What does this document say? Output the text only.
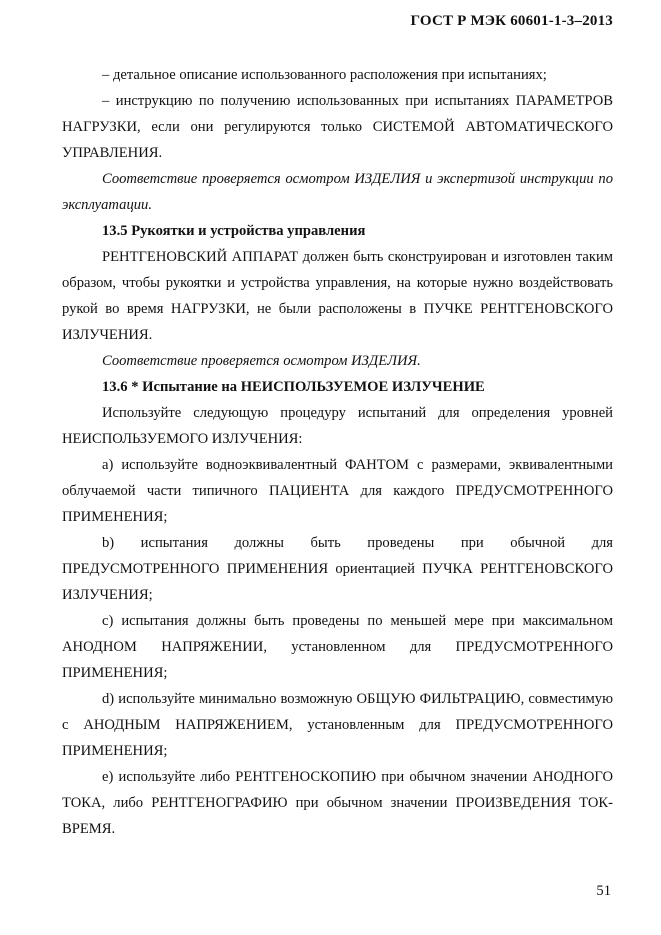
ГОСТ Р МЭК 60601-1-3–2013

– детальное описание использованного расположения при испытаниях;

– инструкцию по получению использованных при испытаниях ПАРАМЕТРОВ НАГРУЗКИ, если они регулируются только СИСТЕМОЙ АВТОМАТИЧЕСКОГО УПРАВЛЕНИЯ.

Соответствие проверяется осмотром ИЗДЕЛИЯ и экспертизой инструкции по эксплуатации.

13.5 Рукоятки и устройства управления

РЕНТГЕНОВСКИЙ АППАРАТ должен быть сконструирован и изготовлен таким образом, чтобы рукоятки и устройства управления, на которые нужно воздействовать рукой во время НАГРУЗКИ, не были расположены в ПУЧКЕ РЕНТГЕНОВСКОГО ИЗЛУЧЕНИЯ.

Соответствие проверяется осмотром ИЗДЕЛИЯ.

13.6 * Испытание на НЕИСПОЛЬЗУЕМОЕ ИЗЛУЧЕНИЕ

Используйте следующую процедуру испытаний для определения уровней НЕИСПОЛЬЗУЕМОГО ИЗЛУЧЕНИЯ:

a) используйте водноэквивалентный ФАНТОМ с размерами, эквивалентными облучаемой части типичного ПАЦИЕНТА для каждого ПРЕДУСМОТРЕННОГО ПРИМЕНЕНИЯ;

b) испытания должны быть проведены при обычной для ПРЕДУСМОТРЕННОГО ПРИМЕНЕНИЯ ориентацией ПУЧКА РЕНТГЕНОВСКОГО ИЗЛУЧЕНИЯ;

c) испытания должны быть проведены по меньшей мере при максимальном АНОДНОМ НАПРЯЖЕНИИ, установленном для ПРЕДУСМОТРЕННОГО ПРИМЕНЕНИЯ;

d) используйте минимально возможную ОБЩУЮ ФИЛЬТРАЦИЮ, совместимую с АНОДНЫМ НАПРЯЖЕНИЕМ, установленным для ПРЕДУСМОТРЕННОГО ПРИМЕНЕНИЯ;

e) используйте либо РЕНТГЕНОСКОПИЮ при обычном значении АНОДНОГО ТОКА, либо РЕНТГЕНОГРАФИЮ при обычном значении ПРОИЗВЕДЕНИЯ ТОК-ВРЕМЯ.

51
